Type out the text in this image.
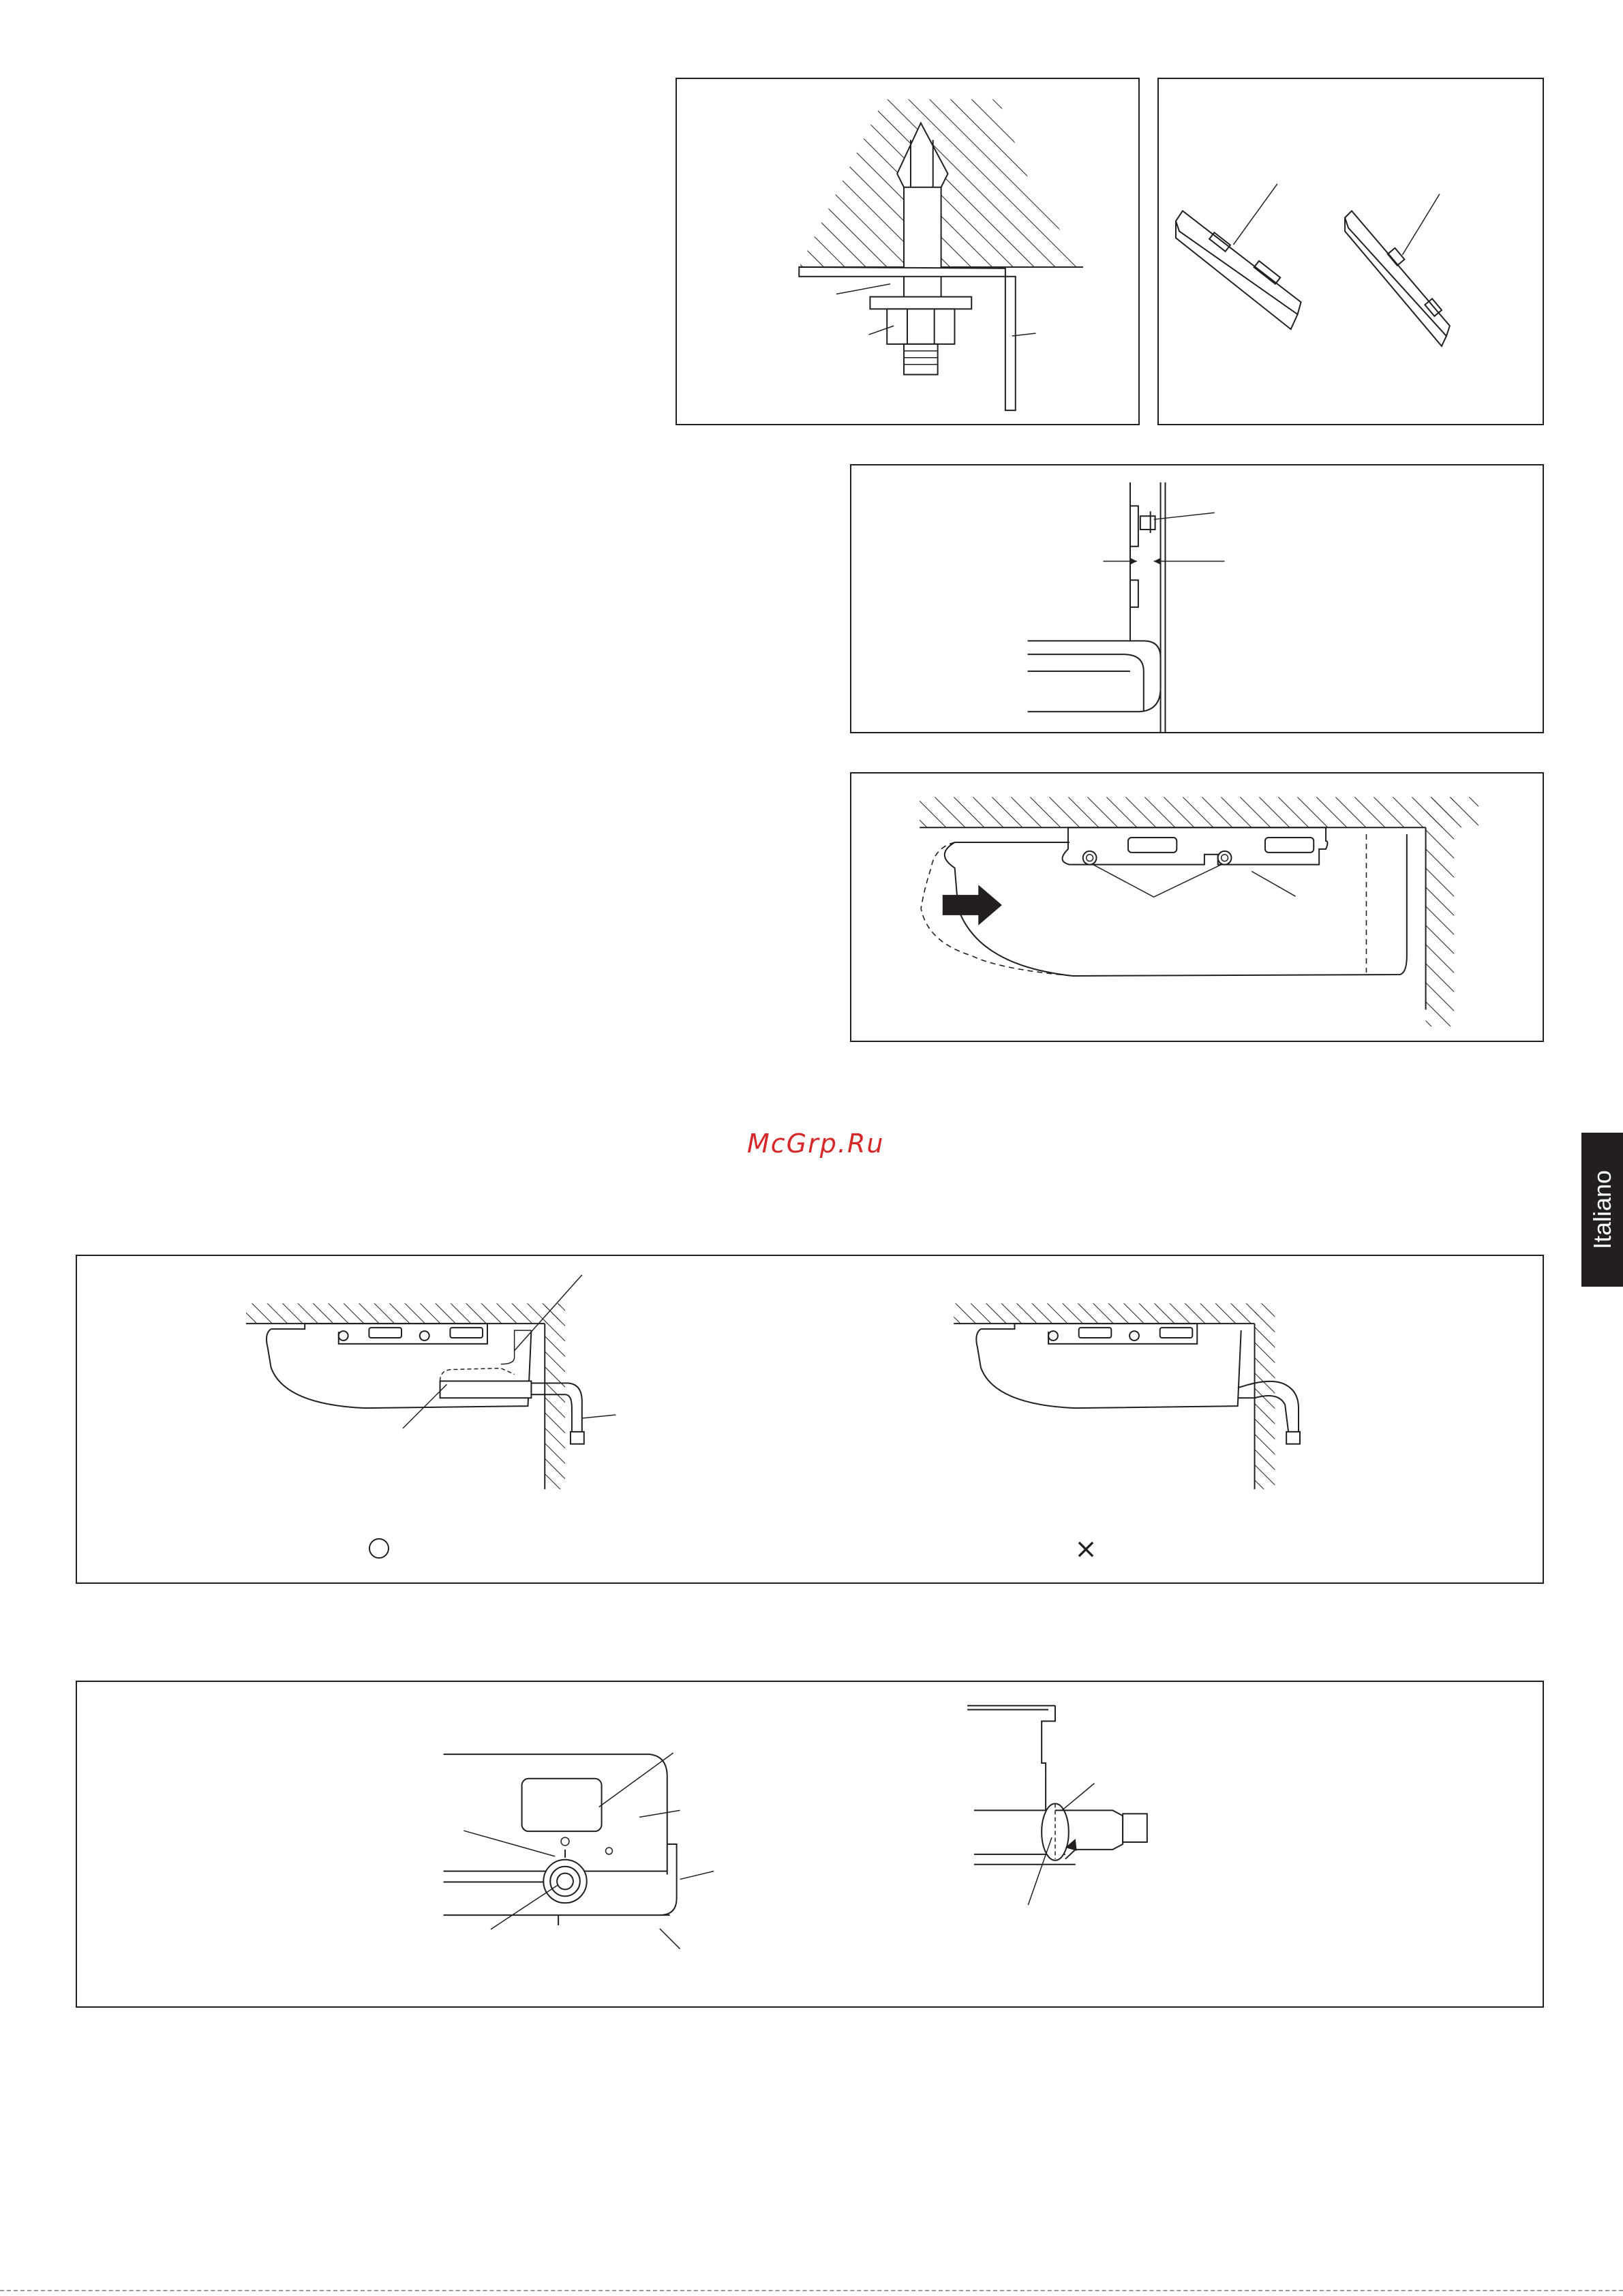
McGrp.Ru
Italiano
×
